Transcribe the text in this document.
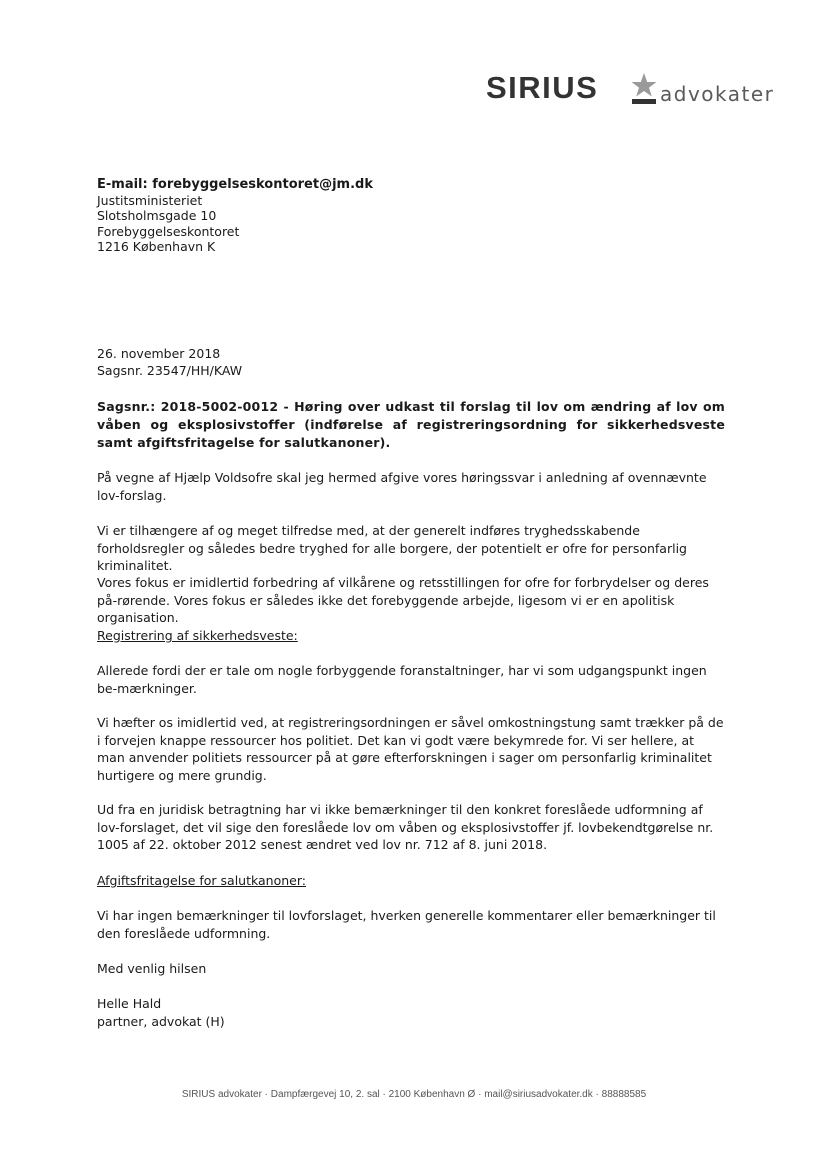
SIRIUS	advokater
E-mail: forebyggelseskontoret@jm.dk
Justitsministeriet
Slotsholmsgade 10
Forebyggelseskontoret
1216 København K
26. november 2018
Sagsnr. 23547/HH/KAW
Sagsnr.: 2018-5002-0012 - Høring over udkast til forslag til lov om ændring af lov om våben og eksplosivstoffer (indførelse af registreringsordning for sikkerhedsveste samt afgiftsfritagelse for salutkanoner).
På vegne af Hjælp Voldsofre skal jeg hermed afgive vores høringssvar i anledning af ovennævnte lov-forslag.
Vi er tilhængere af og meget tilfredse med, at der generelt indføres tryghedsskabende forholdsregler og således bedre tryghed for alle borgere, der potentielt er ofre for personfarlig kriminalitet.
Vores fokus er imidlertid forbedring af vilkårene og retsstillingen for ofre for forbrydelser og deres på-rørende. Vores fokus er således ikke det forebyggende arbejde, ligesom vi er en apolitisk organisation.
Registrering af sikkerhedsveste:
Allerede fordi der er tale om nogle forbyggende foranstaltninger, har vi som udgangspunkt ingen be-mærkninger.
Vi hæfter os imidlertid ved, at registreringsordningen er såvel omkostningstung samt trækker på de i forvejen knappe ressourcer hos politiet. Det kan vi godt være bekymrede for. Vi ser hellere, at man anvender politiets ressourcer på at gøre efterforskningen i sager om personfarlig kriminalitet hurtigere og mere grundig.
Ud fra en juridisk betragtning har vi ikke bemærkninger til den konkret foreslåede udformning af lov-forslaget, det vil sige den foreslåede lov om våben og eksplosivstoffer jf. lovbekendtgørelse nr. 1005 af 22. oktober 2012 senest ændret ved lov nr. 712 af 8. juni 2018.
Afgiftsfritagelse for salutkanoner:
Vi har ingen bemærkninger til lovforslaget, hverken generelle kommentarer eller bemærkninger til den foreslåede udformning.
Med venlig hilsen
Helle Hald
partner, advokat (H)
SIRIUS advokater · Dampfærgevej 10, 2. sal · 2100 København Ø · mail@siriusadvokater.dk · 88888585
